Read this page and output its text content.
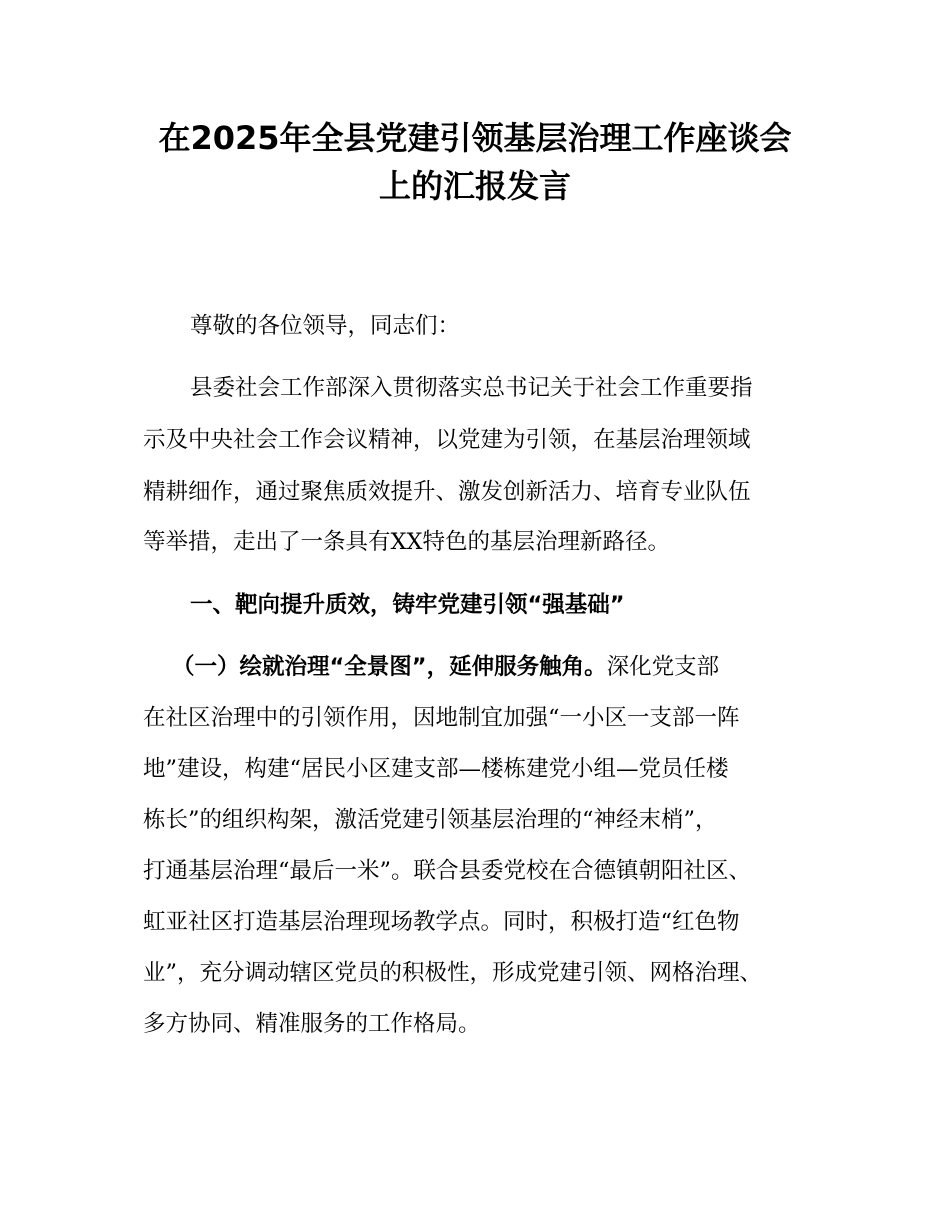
在2025年全县党建引领基层治理工作座谈会
上的汇报发言

尊敬的各位领导，同志们：

县委社会工作部深入贯彻落实总书记关于社会工作重要指

示及中央社会工作会议精神，以党建为引领，在基层治理领域

精耕细作，通过聚焦质效提升、激发创新活力、培育专业队伍

等举措，走出了一条具有XX特色的基层治理新路径。

一、靶向提升质效，铸牢党建引领“强基础”

（一）绘就治理“全景图”，延伸服务触角。深化党支部

在社区治理中的引领作用，因地制宜加强“一小区一支部一阵

地”建设，构建“居民小区建支部—楼栋建党小组—党员任楼

栋长”的组织构架，激活党建引领基层治理的“神经末梢”，

打通基层治理“最后一米”。联合县委党校在合德镇朝阳社区、

虹亚社区打造基层治理现场教学点。同时，积极打造“红色物

业”，充分调动辖区党员的积极性，形成党建引领、网格治理、

多方协同、精准服务的工作格局。
